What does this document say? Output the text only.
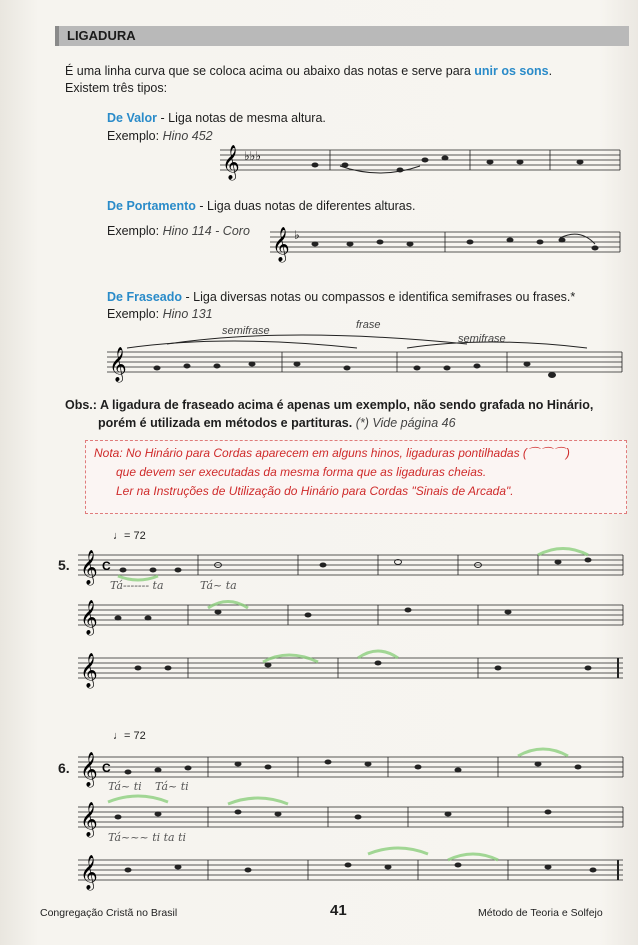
LIGADURA
É uma linha curva que se coloca acima ou abaixo das notas e serve para unir os sons.
Existem três tipos:
De Valor - Liga notas de mesma altura.
Exemplo: Hino 452
𝄞 ♭♭♭
De Portamento - Liga duas notas de diferentes alturas.
Exemplo: Hino 114 - Coro 𝄞 ♭
De Fraseado - Liga diversas notas ou compassos e identifica semifrases ou frases.*
Exemplo: Hino 131
semifrase	frase
semifrase
𝄞
Obs.: A ligadura de fraseado acima é apenas um exemplo, não sendo grafada no Hinário,
porém é utilizada em métodos e partituras. (*) Vide página 46
Nota: No Hinário para Cordas aparecem em alguns hinos, ligaduras pontilhadas (⌒⌒⌒)
que devem ser executadas da mesma forma que as ligaduras cheias.
Ler na Instruções de Utilização do Hinário para Cordas "Sinais de Arcada".
♩= 72
5. 𝄞
𝄞
𝄞
C
Tá------- ta	Tá~ ta
♩= 72
6. 𝄞
𝄞
𝄞
C
Tá~ ti Tá~ ti
Tá~~~ ti ta ti
Congregação Cristã no Brasil	41	Método de Teoria e Solfejo
